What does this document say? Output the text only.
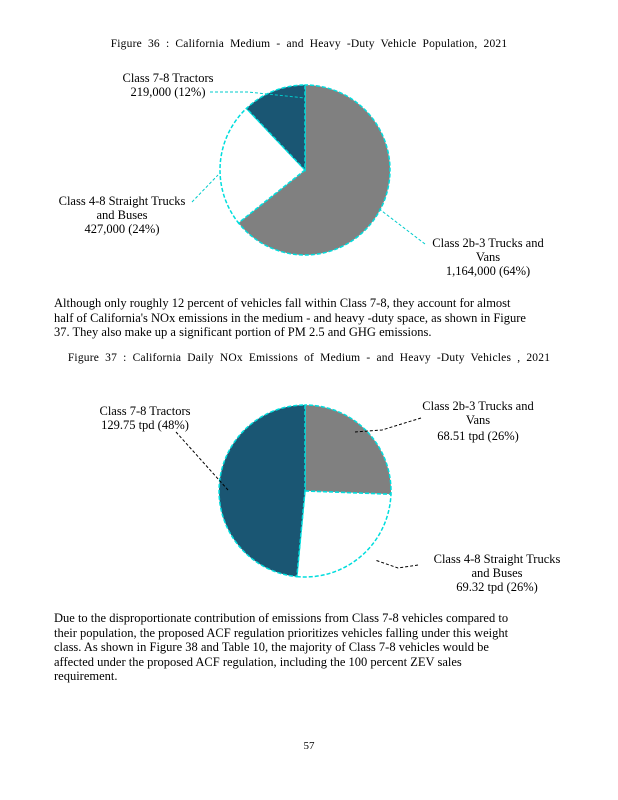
Figure 36 : California Medium - and Heavy -Duty Vehicle Population, 2021
Class 7-8 Tractors
219,000 (12%)
Class 4-8 Straight Trucks
and Buses
427,000 (24%)
Class 2b-3 Trucks and
Vans
1,164,000 (64%)
Although only roughly 12 percent of vehicles fall within Class 7-8, they account for almost
half of California's NOx emissions in the medium - and heavy -duty space, as shown in Figure
37. They also make up a significant portion of PM 2.5 and GHG emissions.
Figure 37 : California Daily NOx Emissions of Medium - and Heavy -Duty Vehicles , 2021
Class 7-8 Tractors
129.75 tpd (48%)
Class 2b-3 Trucks and
Vans
68.51 tpd (26%)
Class 4-8 Straight Trucks
and Buses
69.32 tpd (26%)
Due to the disproportionate contribution of emissions from Class 7-8 vehicles compared to
their population, the proposed ACF regulation prioritizes vehicles falling under this weight
class. As shown in Figure 38 and Table 10, the majority of Class 7-8 vehicles would be
affected under the proposed ACF regulation, including the 100 percent ZEV sales
requirement.
57
